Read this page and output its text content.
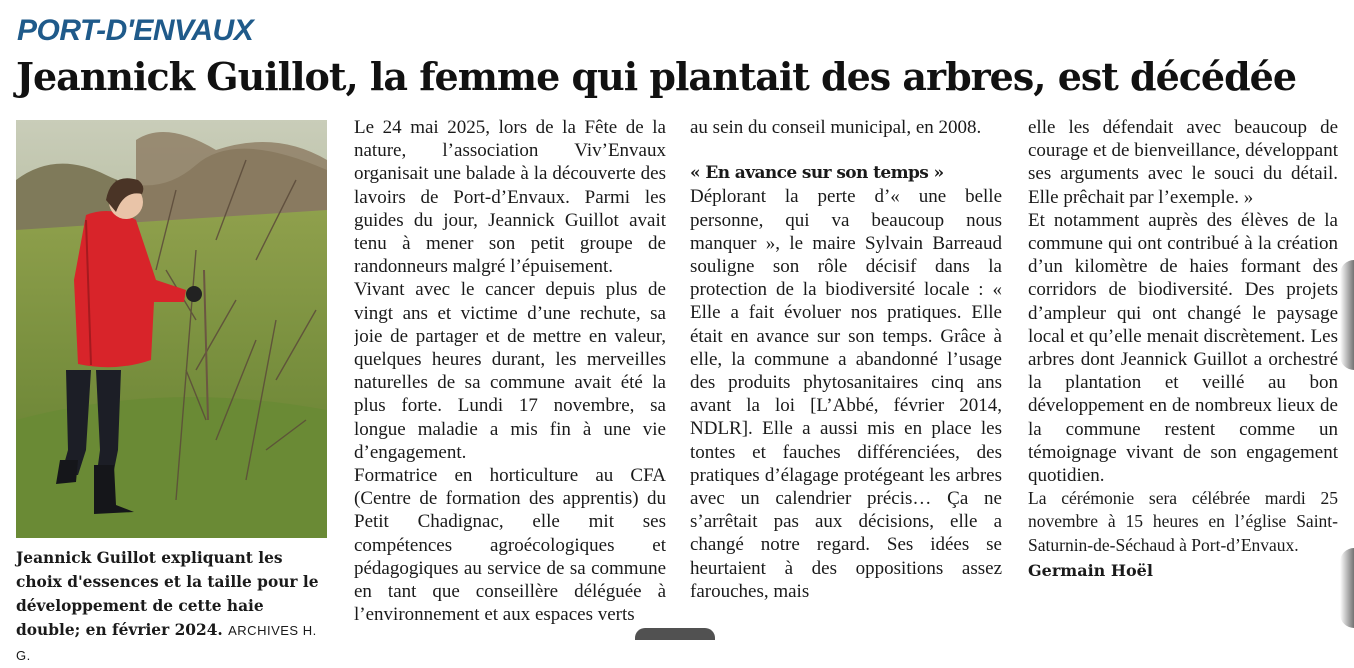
PORT-D'ENVAUX
Jeannick Guillot, la femme qui plantait des arbres, est décédée
Jeannick Guillot expliquant les choix d'essences et la taille pour le développement de cette haie double; en février 2024. ARCHIVES H. G.

Le 24 mai 2025, lors de la Fête de la nature, l’association Viv’Envaux organisait une balade à la découverte des lavoirs de Port-d’Envaux. Parmi les guides du jour, Jeannick Guillot avait tenu à mener son petit groupe de randonneurs malgré l’épuisement.

Vivant avec le cancer depuis plus de vingt ans et victime d’une rechute, sa joie de partager et de mettre en valeur, quelques heures durant, les merveilles naturelles de sa commune avait été la plus forte. Lundi 17 novembre, sa longue maladie a mis fin à une vie d’engagement.

Formatrice en horticulture au CFA (Centre de formation des apprentis) du Petit Chadignac, elle mit ses compétences agroécologiques et pédagogiques au service de sa commune en tant que conseillère déléguée à l’environnement et aux espaces verts

au sein du conseil municipal, en 2008.

« En avance sur son temps »

Déplorant la perte d’« une belle personne, qui va beaucoup nous manquer », le maire Sylvain Barreaud souligne son rôle décisif dans la protection de la biodiversité locale : « Elle a fait évoluer nos pratiques. Elle était en avance sur son temps. Grâce à elle, la commune a abandonné l’usage des produits phytosanitaires cinq ans avant la loi [L’Abbé, février 2014, NDLR]. Elle a aussi mis en place les tontes et fauches différenciées, des pratiques d’élagage protégeant les arbres avec un calendrier précis… Ça ne s’arrêtait pas aux décisions, elle a changé notre regard. Ses idées se heurtaient à des oppositions assez farouches, mais

elle les défendait avec beaucoup de courage et de bienveillance, développant ses arguments avec le souci du détail. Elle prêchait par l’exemple. »

Et notamment auprès des élèves de la commune qui ont contribué à la création d’un kilomètre de haies formant des corridors de biodiversité. Des projets d’ampleur qui ont changé le paysage local et qu’elle menait discrètement. Les arbres dont Jeannick Guillot a orchestré la plantation et veillé au bon développement en de nombreux lieux de la commune restent comme un témoignage vivant de son engagement quotidien.

La cérémonie sera célébrée mardi 25 novembre à 15 heures en l’église Saint-Saturnin-de-Séchaud à Port-d’Envaux.

Germain Hoël
